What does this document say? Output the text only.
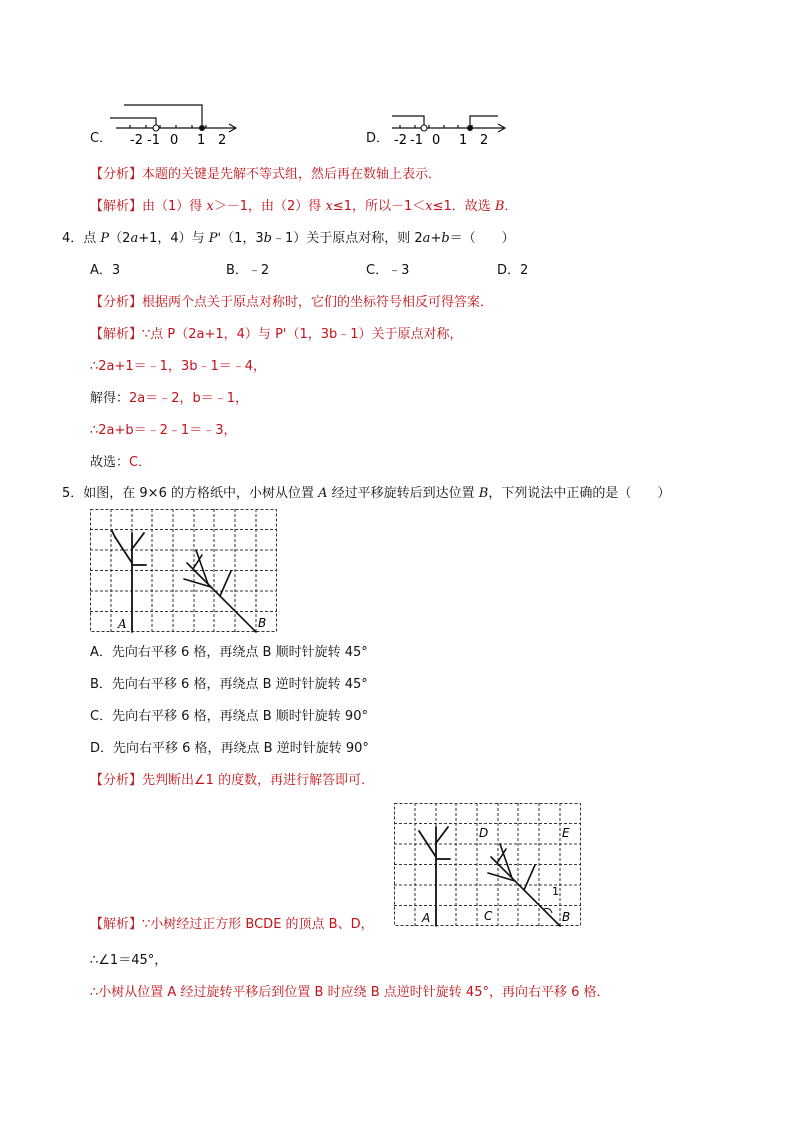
C． -2 -1 0 1 2	D． -2 -1 0 1 2
【分析】本题的关键是先解不等式组，然后再在数轴上表示．
【解析】由（1）得 x＞－1，由（2）得 x≤1，所以－1＜x≤1．故选 B．
4．点 P（2a+1，4）与 P'（1，3b﹣1）关于原点对称，则 2a+b＝（　　）
A．3	B．﹣2	C．﹣3	D．2
【分析】根据两个点关于原点对称时，它们的坐标符号相反可得答案．
【解析】∵点 P（2a+1，4）与 P'（1，3b﹣1）关于原点对称，
∴2a+1＝﹣1，3b﹣1＝﹣4，
解得：2a＝﹣2，b＝﹣1，
∴2a+b＝﹣2﹣1＝﹣3，
故选：C．
5．如图，在 9×6 的方格纸中，小树从位置 A 经过平移旋转后到达位置 B，下列说法中正确的是（　　）
A	B
A．先向右平移 6 格，再绕点 B 顺时针旋转 45°
B．先向右平移 6 格，再绕点 B 逆时针旋转 45°
C．先向右平移 6 格，再绕点 B 顺时针旋转 90°
D．先向右平移 6 格，再绕点 B 逆时针旋转 90°
【分析】先判断出∠1 的度数，再进行解答即可．
A	B
C
D	E
1
【解析】∵小树经过正方形 BCDE 的顶点 B、D，
∴∠1＝45°，
∴小树从位置 A 经过旋转平移后到位置 B 时应绕 B 点逆时针旋转 45°，再向右平移 6 格．
